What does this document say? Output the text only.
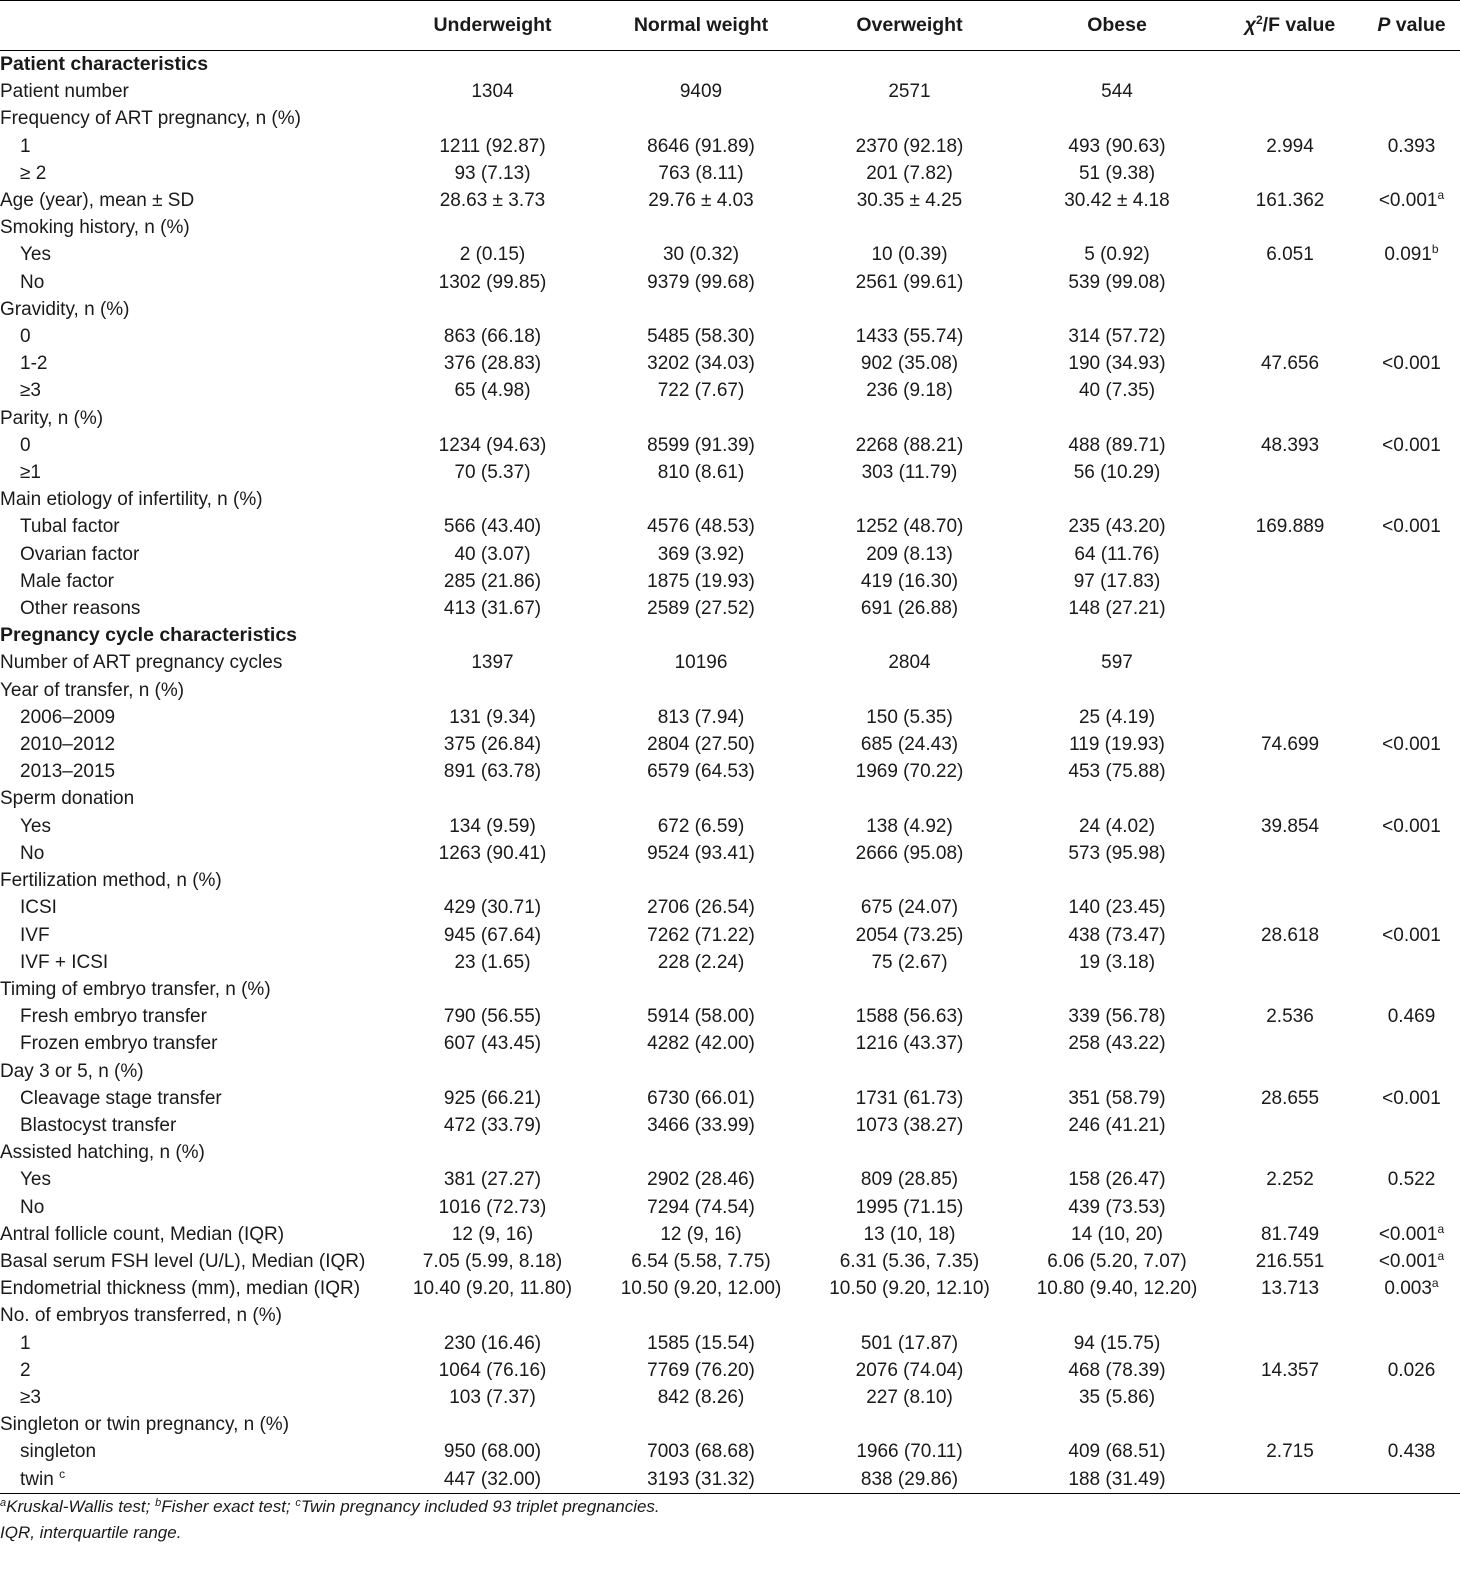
	Underweight	Normal weight	Overweight	Obese	$\chi^2/F$ value	P value
Patient characteristics						
Patient number	1304	9409	2571	544		
Frequency of ART pregnancy, n (%)						
1	1211 (92.87)	8646 (91.89)	2370 (92.18)	493 (90.63)	2.994	0.393
≥ 2	93 (7.13)	763 (8.11)	201 (7.82)	51 (9.38)		
Age (year), mean ± SD	28.63 ± 3.73	29.76 ± 4.03	30.35 ± 4.25	30.42 ± 4.18	161.362	<0.001$^a$
Smoking history, n (%)						
Yes	2 (0.15)	30 (0.32)	10 (0.39)	5 (0.92)	6.051	0.091$^b$
No	1302 (99.85)	9379 (99.68)	2561 (99.61)	539 (99.08)		
Gravidity, n (%)						
0	863 (66.18)	5485 (58.30)	1433 (55.74)	314 (57.72)		
1-2	376 (28.83)	3202 (34.03)	902 (35.08)	190 (34.93)	47.656	<0.001
≥3	65 (4.98)	722 (7.67)	236 (9.18)	40 (7.35)		
Parity, n (%)						
0	1234 (94.63)	8599 (91.39)	2268 (88.21)	488 (89.71)	48.393	<0.001
≥1	70 (5.37)	810 (8.61)	303 (11.79)	56 (10.29)		
Main etiology of infertility, n (%)						
Tubal factor	566 (43.40)	4576 (48.53)	1252 (48.70)	235 (43.20)	169.889	<0.001
Ovarian factor	40 (3.07)	369 (3.92)	209 (8.13)	64 (11.76)		
Male factor	285 (21.86)	1875 (19.93)	419 (16.30)	97 (17.83)		
Other reasons	413 (31.67)	2589 (27.52)	691 (26.88)	148 (27.21)		
Pregnancy cycle characteristics						
Number of ART pregnancy cycles	1397	10196	2804	597		
Year of transfer, n (%)						
2006–2009	131 (9.34)	813 (7.94)	150 (5.35)	25 (4.19)		
2010–2012	375 (26.84)	2804 (27.50)	685 (24.43)	119 (19.93)	74.699	<0.001
2013–2015	891 (63.78)	6579 (64.53)	1969 (70.22)	453 (75.88)		
Sperm donation						
Yes	134 (9.59)	672 (6.59)	138 (4.92)	24 (4.02)	39.854	<0.001
No	1263 (90.41)	9524 (93.41)	2666 (95.08)	573 (95.98)		
Fertilization method, n (%)						
ICSI	429 (30.71)	2706 (26.54)	675 (24.07)	140 (23.45)		
IVF	945 (67.64)	7262 (71.22)	2054 (73.25)	438 (73.47)	28.618	<0.001
IVF + ICSI	23 (1.65)	228 (2.24)	75 (2.67)	19 (3.18)		
Timing of embryo transfer, n (%)						
Fresh embryo transfer	790 (56.55)	5914 (58.00)	1588 (56.63)	339 (56.78)	2.536	0.469
Frozen embryo transfer	607 (43.45)	4282 (42.00)	1216 (43.37)	258 (43.22)		
Day 3 or 5, n (%)						
Cleavage stage transfer	925 (66.21)	6730 (66.01)	1731 (61.73)	351 (58.79)	28.655	<0.001
Blastocyst transfer	472 (33.79)	3466 (33.99)	1073 (38.27)	246 (41.21)		
Assisted hatching, n (%)						
Yes	381 (27.27)	2902 (28.46)	809 (28.85)	158 (26.47)	2.252	0.522
No	1016 (72.73)	7294 (74.54)	1995 (71.15)	439 (73.53)		
Antral follicle count, Median (IQR)	12 (9, 16)	12 (9, 16)	13 (10, 18)	14 (10, 20)	81.749	<0.001$^a$
Basal serum FSH level (U/L), Median (IQR)	7.05 (5.99, 8.18)	6.54 (5.58, 7.75)	6.31 (5.36, 7.35)	6.06 (5.20, 7.07)	216.551	<0.001$^a$
Endometrial thickness (mm), median (IQR)	10.40 (9.20, 11.80)	10.50 (9.20, 12.00)	10.50 (9.20, 12.10)	10.80 (9.40, 12.20)	13.713	0.003$^a$
No. of embryos transferred, n (%)						
1	230 (16.46)	1585 (15.54)	501 (17.87)	94 (15.75)		
2	1064 (76.16)	7769 (76.20)	2076 (74.04)	468 (78.39)	14.357	0.026
≥3	103 (7.37)	842 (8.26)	227 (8.10)	35 (5.86)		
Singleton or twin pregnancy, n (%)						
singleton	950 (68.00)	7003 (68.68)	1966 (70.11)	409 (68.51)	2.715	0.438
twin $^c$	447 (32.00)	3193 (31.32)	838 (29.86)	188 (31.49)		
$^a$Kruskal-Wallis test; $^b$Fisher exact test; $^c$Twin pregnancy included 93 triplet pregnancies.
IQR, interquartile range.
